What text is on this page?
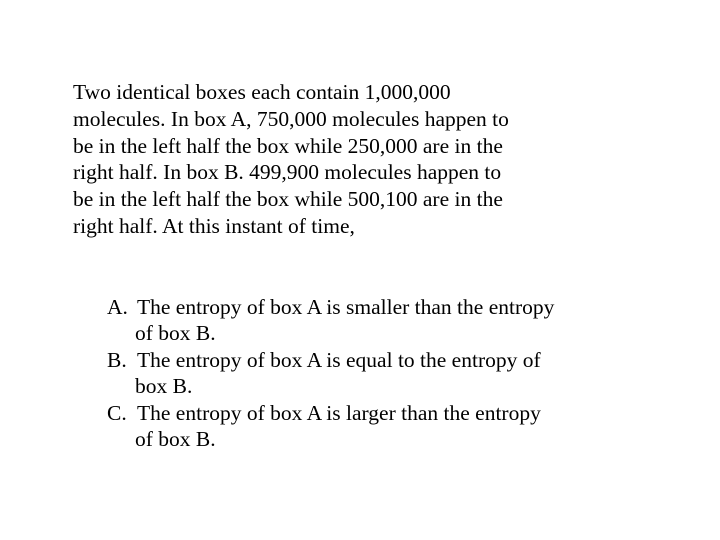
Two identical boxes each contain 1,000,000
molecules. In box A, 750,000 molecules happen to
be in the left half the box while 250,000 are in the
right half. In box B. 499,900 molecules happen to
be in the left half the box while 500,100 are in the
right half. At this instant of time,

A. The entropy of box A is smaller than the entropy
of box B.
B. The entropy of box A is equal to the entropy of
box B.
C. The entropy of box A is larger than the entropy
of box B.
